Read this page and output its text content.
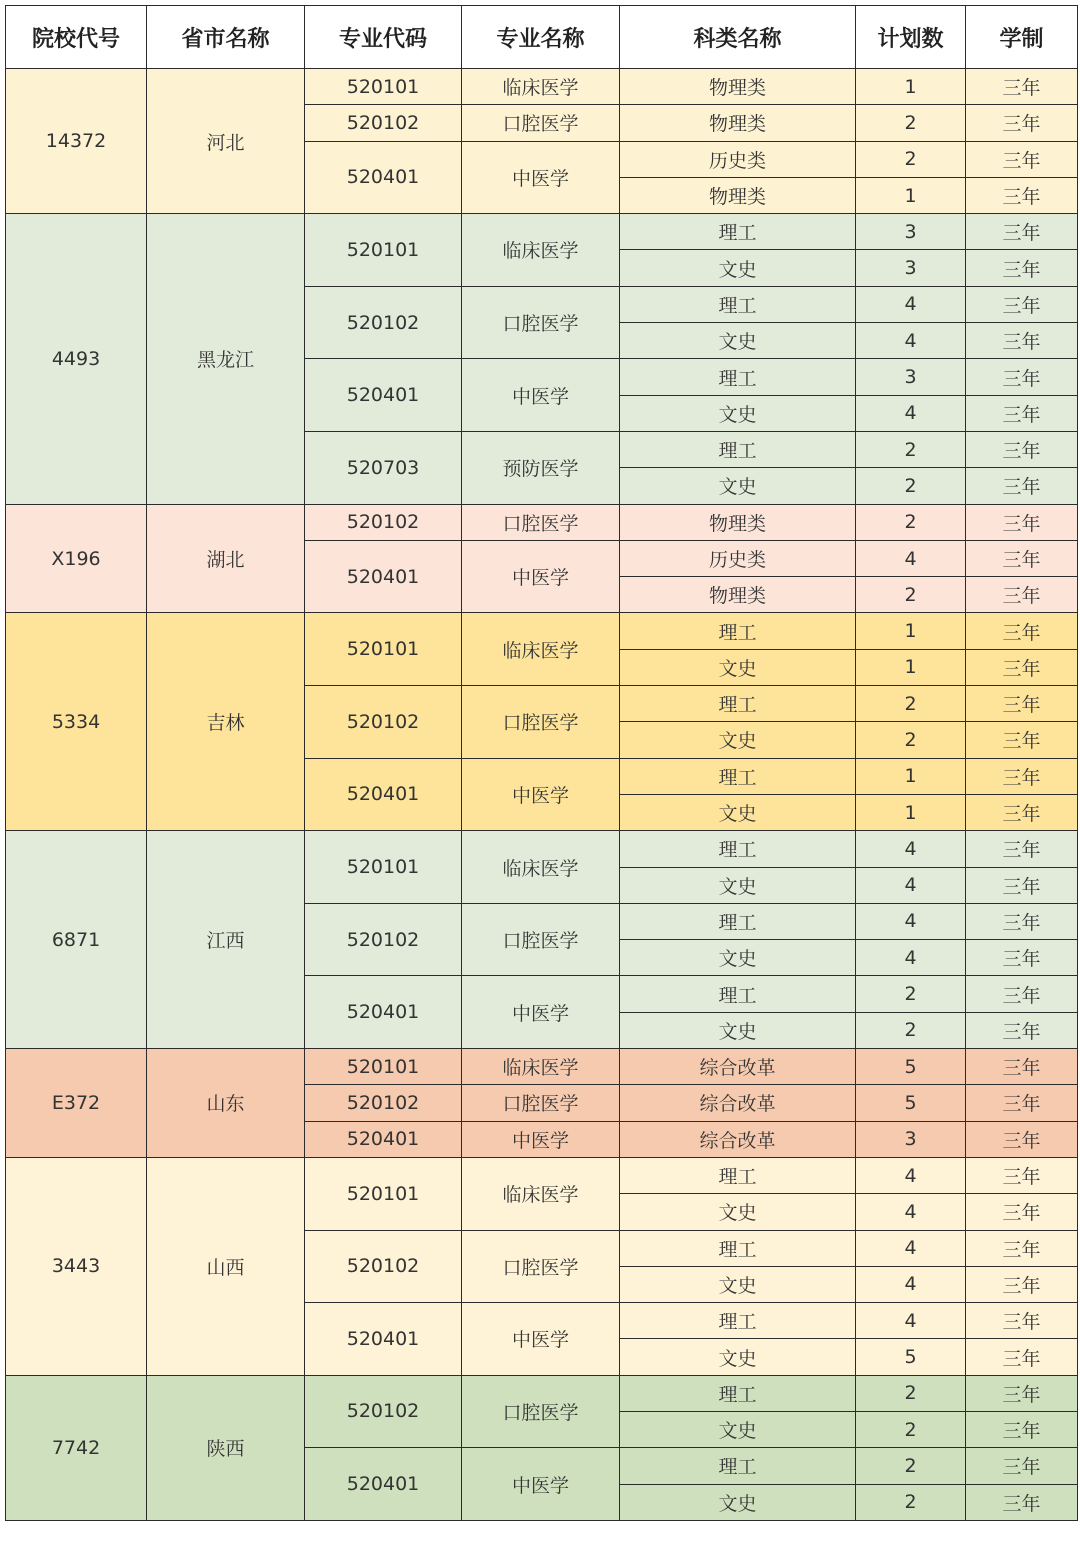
院校代号	省市名称	专业代码	专业名称	科类名称	计划数	学制
14372	河北	520101	临床医学	物理类	1	三年
		520102	口腔医学	物理类	2	三年
		520401	中医学	历史类	2	三年
				物理类	1	三年
4493	黑龙江	520101	临床医学	理工	3	三年
				文史	3	三年
		520102	口腔医学	理工	4	三年
				文史	4	三年
		520401	中医学	理工	3	三年
				文史	4	三年
		520703	预防医学	理工	2	三年
				文史	2	三年
X196	湖北	520102	口腔医学	物理类	2	三年
		520401	中医学	历史类	4	三年
				物理类	2	三年
5334	吉林	520101	临床医学	理工	1	三年
				文史	1	三年
		520102	口腔医学	理工	2	三年
				文史	2	三年
		520401	中医学	理工	1	三年
				文史	1	三年
6871	江西	520101	临床医学	理工	4	三年
				文史	4	三年
		520102	口腔医学	理工	4	三年
				文史	4	三年
		520401	中医学	理工	2	三年
				文史	2	三年
E372	山东	520101	临床医学	综合改革	5	三年
		520102	口腔医学	综合改革	5	三年
		520401	中医学	综合改革	3	三年
3443	山西	520101	临床医学	理工	4	三年
				文史	4	三年
		520102	口腔医学	理工	4	三年
				文史	4	三年
		520401	中医学	理工	4	三年
				文史	5	三年
7742	陕西	520102	口腔医学	理工	2	三年
				文史	2	三年
		520401	中医学	理工	2	三年
				文史	2	三年
